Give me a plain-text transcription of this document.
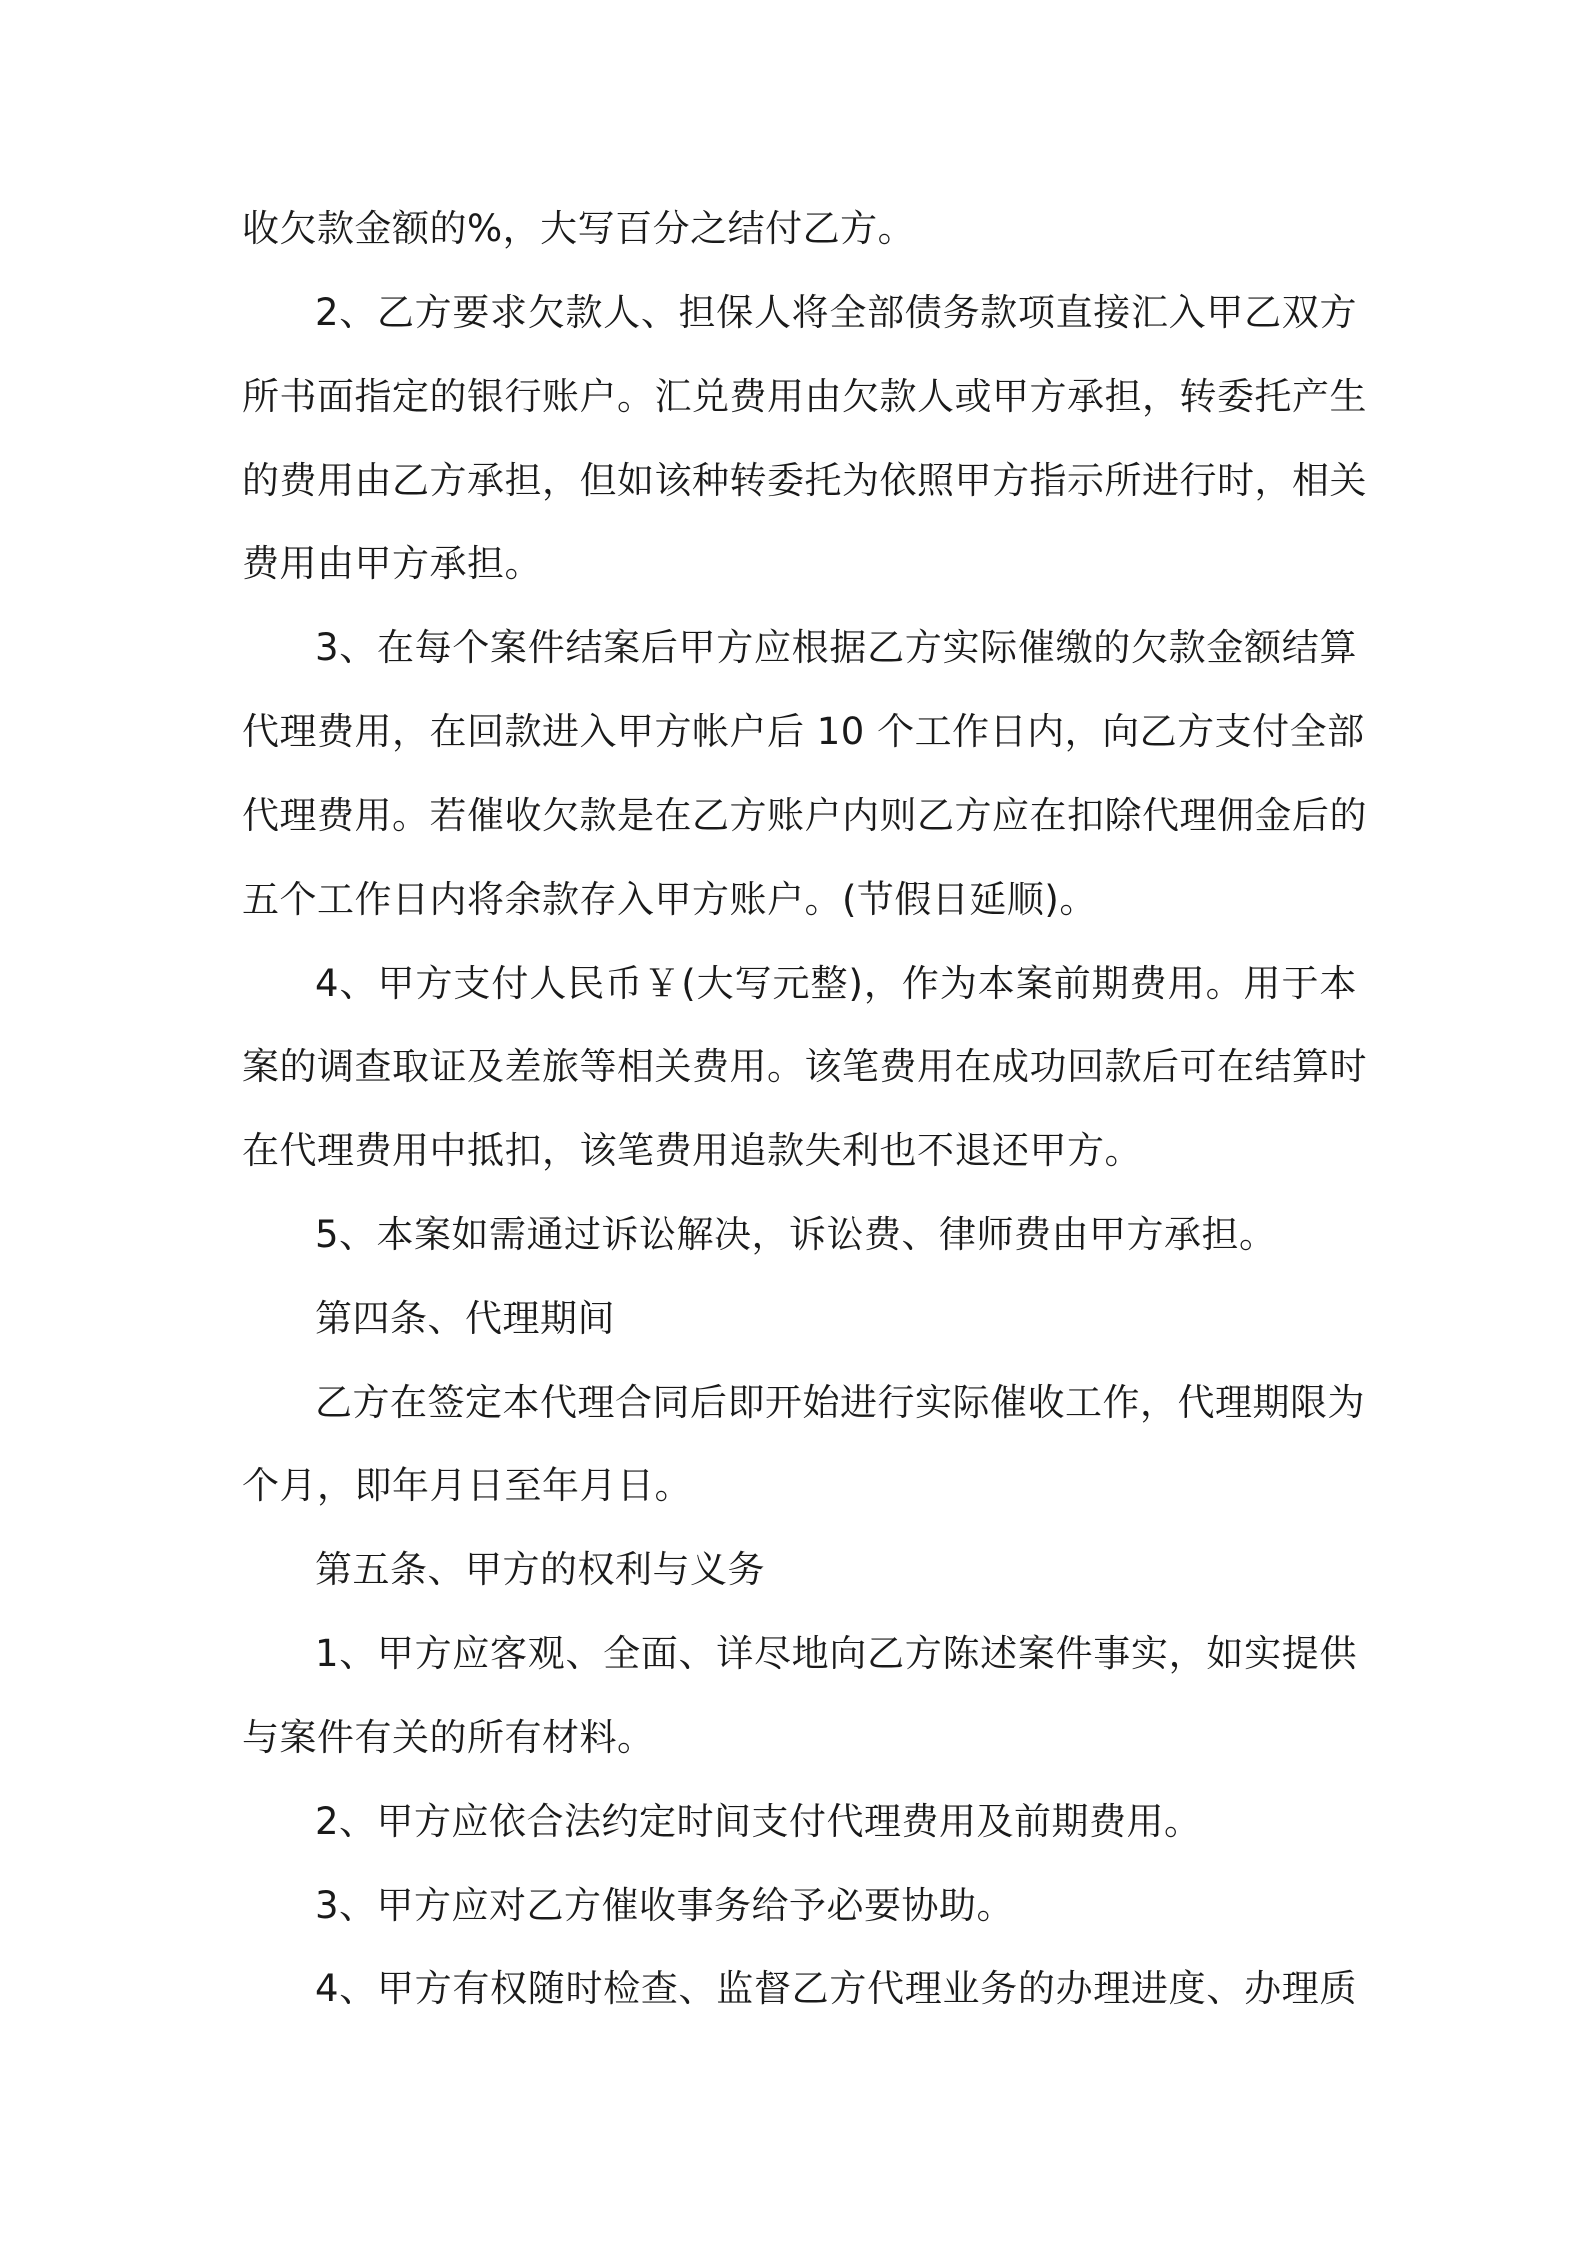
收欠款金额的%，大写百分之结付乙方。
2、乙方要求欠款人、担保人将全部债务款项直接汇入甲乙双方
所书面指定的银行账户。汇兑费用由欠款人或甲方承担，转委托产生
的费用由乙方承担，但如该种转委托为依照甲方指示所进行时，相关
费用由甲方承担。
3、在每个案件结案后甲方应根据乙方实际催缴的欠款金额结算
代理费用，在回款进入甲方帐户后 10 个工作日内，向乙方支付全部
代理费用。若催收欠款是在乙方账户内则乙方应在扣除代理佣金后的
五个工作日内将余款存入甲方账户。(节假日延顺)。
4、甲方支付人民币￥(大写元整)，作为本案前期费用。用于本
案的调查取证及差旅等相关费用。该笔费用在成功回款后可在结算时
在代理费用中抵扣，该笔费用追款失利也不退还甲方。
5、本案如需通过诉讼解决，诉讼费、律师费由甲方承担。
第四条、代理期间
乙方在签定本代理合同后即开始进行实际催收工作，代理期限为
个月，即年月日至年月日。
第五条、甲方的权利与义务
1、甲方应客观、全面、详尽地向乙方陈述案件事实，如实提供
与案件有关的所有材料。
2、甲方应依合法约定时间支付代理费用及前期费用。
3、甲方应对乙方催收事务给予必要协助。
4、甲方有权随时检查、监督乙方代理业务的办理进度、办理质
